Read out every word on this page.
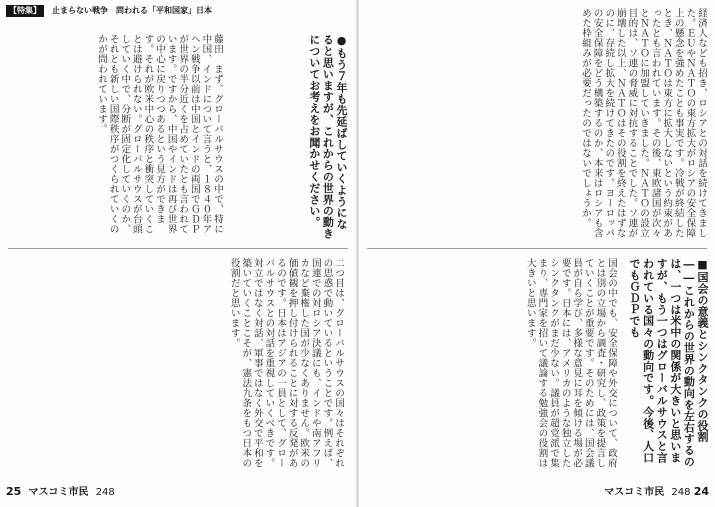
【特集】	止まらない戦争　問われる「平和国家」日本
●もう７年も先延ばしていくようになると思いますが、これからの世界の動きについてお考えをお聞かせください。
藤田　まず、グローバルサウスの中で、特に中国、インドについて言うと、１８４０年アヘン戦争以前は中国とインドの両国でＧＤＰが世界の半分近くを占めていたとも言われています。ですから、中国やインドは再び世界の中心に戻りつつあるという見方ができます。それが欧米中心の秩序と衝突していくことは避けられない。グローバルサウスが台頭していく中で、分断が固定化していくのか、それとも新しい国際秩序がつくられていくのかが問われています。
二つ目は、グローバルサウスの国々はそれぞれの思惑で動いているということです。例えば、国連での対ロシア決議にも、インドや南アフリカなど棄権した国が少なくありません。欧米の価値観を押し付けられることに対する反発があるのです。日本はアジアの一員として、グローバルサウスとの対話を重視していくべきです。対立ではなく対話、軍事ではなく外交で平和を築いていくことこそが、憲法九条をもつ日本の役割だと思います。
25 マスコミ市民 248
経済人なども招き、ロシアとの対話を続けてきました。ＥＵやＮＡＴＯの東方拡大がロシアの安全保障上の懸念を強めたことも事実です。冷戦が終結したとき、ＮＡＴＯは東方に拡大しないという約束があったとも言われています。その後、東欧諸国が次々とＮＡＴＯに加盟していきました。ＮＡＴＯの設立目的は、ソ連の脅威に対抗することでした。ソ連が崩壊した以上、ＮＡＴＯはその役割を終えたはずなのに、存続し拡大を続けてきたのです。ヨーロッパの安全保障をどう構築するのか、本来はロシアも含めた枠組みが必要だったのではないでしょうか。
■国会の意義とシンクタンクの役割　――これからの世界の動向を左右するのは、一つは米中の関係が大きいと思いますが、もう一つはグローバルサウスと言われている国々の動向です。今後、人口でもＧＤＰでも
国会の中でも、安全保障や外交について、政府とは別の立場から調査・研究し、政策を提言していくことが重要です。そのためには、国会議員が自ら学び、多様な意見に耳を傾ける場が必要です。日本には、アメリカのような独立したシンクタンクがまだ少ない。議員が超党派で集まり、専門家を招いて議論する勉強会の役割は大きいと思います。
マスコミ市民 248 24
